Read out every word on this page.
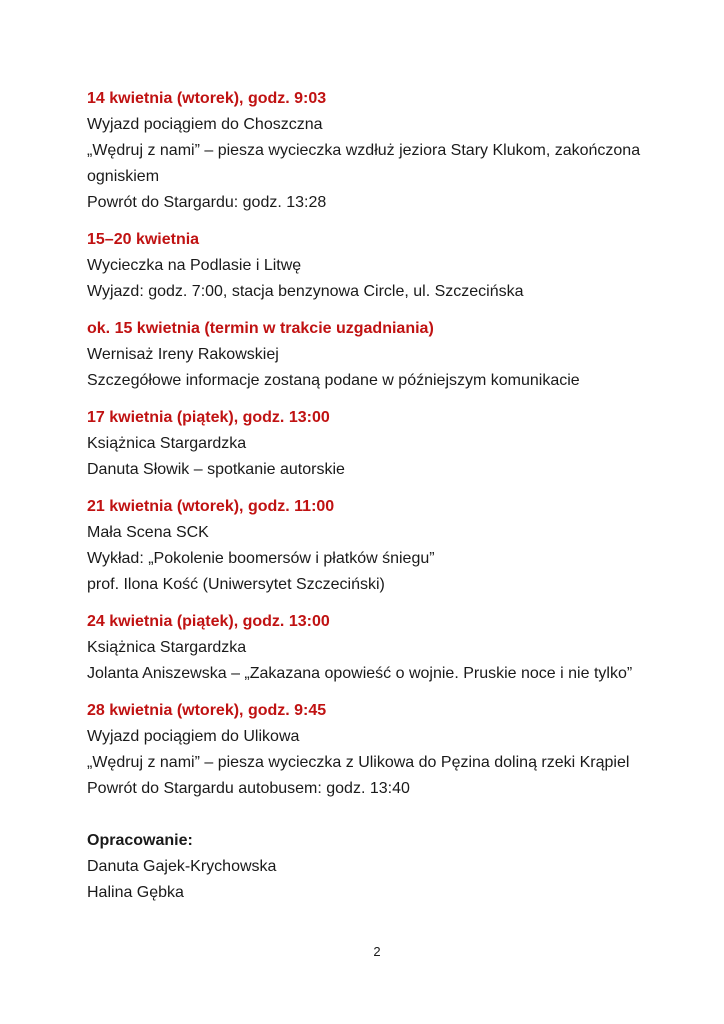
14 kwietnia (wtorek), godz. 9:03
Wyjazd pociągiem do Choszczna
„Wędruj z nami” – piesza wycieczka wzdłuż jeziora Stary Klukom, zakończona
ogniskiem
Powrót do Stargardu: godz. 13:28
15–20 kwietnia
Wycieczka na Podlasie i Litwę
Wyjazd: godz. 7:00, stacja benzynowa Circle, ul. Szczecińska
ok. 15 kwietnia (termin w trakcie uzgadniania)
Wernisaż Ireny Rakowskiej
Szczegółowe informacje zostaną podane w późniejszym komunikacie
17 kwietnia (piątek), godz. 13:00
Książnica Stargardzka
Danuta Słowik – spotkanie autorskie
21 kwietnia (wtorek), godz. 11:00
Mała Scena SCK
Wykład: „Pokolenie boomersów i płatków śniegu”
prof. Ilona Kość (Uniwersytet Szczeciński)
24 kwietnia (piątek), godz. 13:00
Książnica Stargardzka
Jolanta Aniszewska – „Zakazana opowieść o wojnie. Pruskie noce i nie tylko”
28 kwietnia (wtorek), godz. 9:45
Wyjazd pociągiem do Ulikowa
„Wędruj z nami” – piesza wycieczka z Ulikowa do Pęzina doliną rzeki Krąpiel
Powrót do Stargardu autobusem: godz. 13:40
Opracowanie:
Danuta Gajek-Krychowska
Halina Gębka
2
